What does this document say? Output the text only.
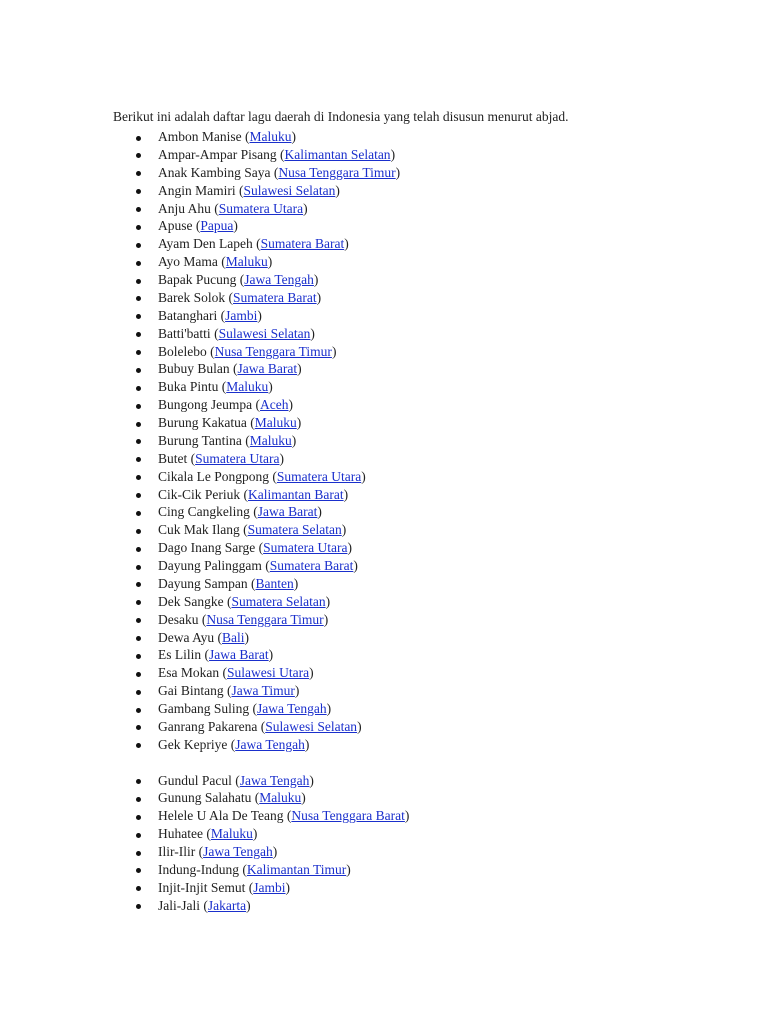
Berikut ini adalah daftar lagu daerah di Indonesia yang telah disusun menurut abjad.

Ambon Manise (Maluku)
Ampar-Ampar Pisang (Kalimantan Selatan)
Anak Kambing Saya (Nusa Tenggara Timur)
Angin Mamiri (Sulawesi Selatan)
Anju Ahu (Sumatera Utara)
Apuse (Papua)
Ayam Den Lapeh (Sumatera Barat)
Ayo Mama (Maluku)
Bapak Pucung (Jawa Tengah)
Barek Solok (Sumatera Barat)
Batanghari (Jambi)
Batti'batti (Sulawesi Selatan)
Bolelebo (Nusa Tenggara Timur)
Bubuy Bulan (Jawa Barat)
Buka Pintu (Maluku)
Bungong Jeumpa (Aceh)
Burung Kakatua (Maluku)
Burung Tantina (Maluku)
Butet (Sumatera Utara)
Cikala Le Pongpong (Sumatera Utara)
Cik-Cik Periuk (Kalimantan Barat)
Cing Cangkeling (Jawa Barat)
Cuk Mak Ilang (Sumatera Selatan)
Dago Inang Sarge (Sumatera Utara)
Dayung Palinggam (Sumatera Barat)
Dayung Sampan (Banten)
Dek Sangke (Sumatera Selatan)
Desaku (Nusa Tenggara Timur)
Dewa Ayu (Bali)
Es Lilin (Jawa Barat)
Esa Mokan (Sulawesi Utara)
Gai Bintang (Jawa Timur)
Gambang Suling (Jawa Tengah)
Ganrang Pakarena (Sulawesi Selatan)
Gek Kepriye (Jawa Tengah)
Gundul Pacul (Jawa Tengah)
Gunung Salahatu (Maluku)
Helele U Ala De Teang (Nusa Tenggara Barat)
Huhatee (Maluku)
Ilir-Ilir (Jawa Tengah)
Indung-Indung (Kalimantan Timur)
Injit-Injit Semut (Jambi)
Jali-Jali (Jakarta)
